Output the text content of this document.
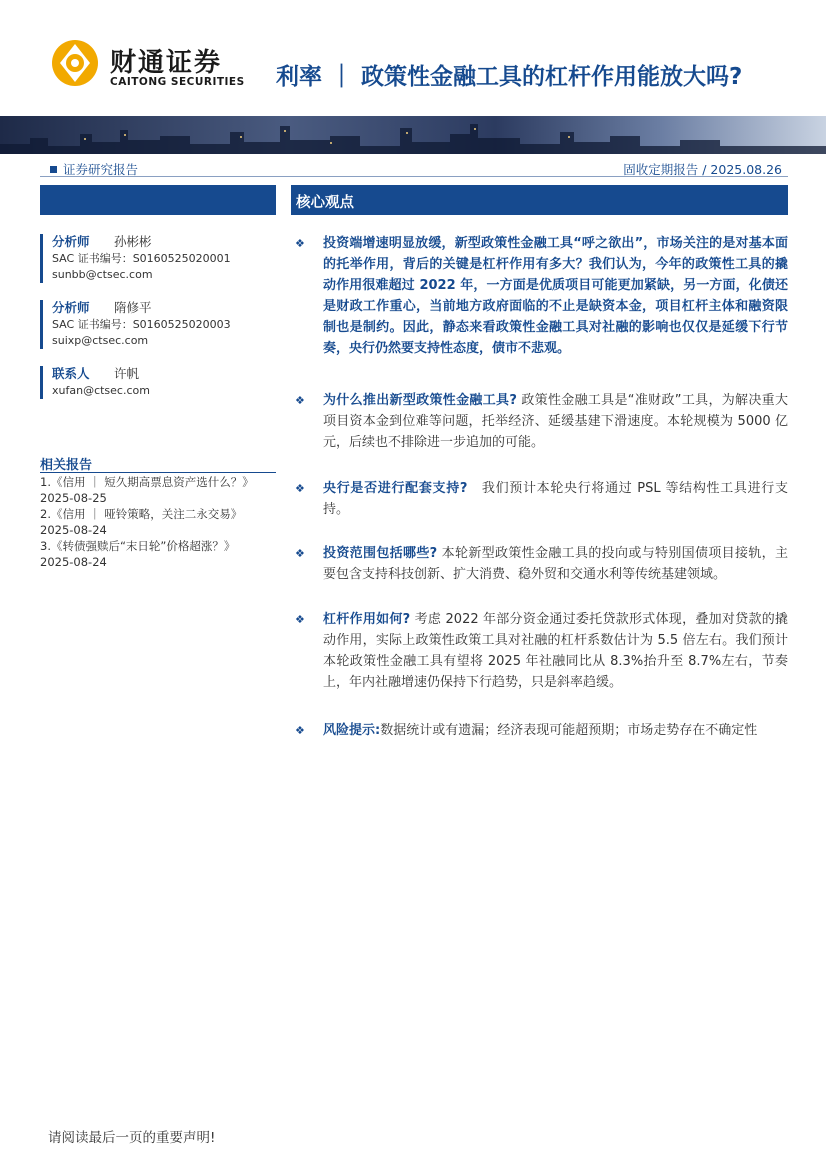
财通证券
CAITONG SECURITIES 利率 ｜ 政策性金融工具的杠杆作用能放大吗?
证券研究报告	固收定期报告 / 2025.08.26
核心观点
分析师 孙彬彬
SAC 证书编号：S0160525020001
sunbb@ctsec.com
分析师 隋修平
SAC 证书编号：S0160525020003
suixp@ctsec.com
联系人 许帆
xufan@ctsec.com
相关报告
1.《信用 ｜ 短久期高票息资产选什么？》
2025-08-25
2.《信用 ｜ 哑铃策略，关注二永交易》
2025-08-24
3.《转债强赎后“末日轮”价格超涨？》
2025-08-24
❖	投资端增速明显放缓，新型政策性金融工具“呼之欲出”，市场关注的是对基本面的托举作用，背后的关键是杠杆作用有多大？我们认为，今年的政策性工具的撬动作用很难超过 2022 年，一方面是优质项目可能更加紧缺，另一方面，化债还是财政工作重心，当前地方政府面临的不止是缺资本金，项目杠杆主体和融资限制也是制约。因此，静态来看政策性金融工具对社融的影响也仅仅是延缓下行节奏，央行仍然要支持性态度，债市不悲观。
❖	为什么推出新型政策性金融工具? 政策性金融工具是“准财政”工具，为解决重大项目资本金到位难等问题，托举经济、延缓基建下滑速度。本轮规模为 5000 亿元，后续也不排除进一步追加的可能。
❖	央行是否进行配套支持? 我们预计本轮央行将通过 PSL 等结构性工具进行支持。
❖	投资范围包括哪些? 本轮新型政策性金融工具的投向或与特别国债项目接轨，主要包含支持科技创新、扩大消费、稳外贸和交通水利等传统基建领域。
❖	杠杆作用如何? 考虑 2022 年部分资金通过委托贷款形式体现，叠加对贷款的撬动作用，实际上政策性政策工具对社融的杠杆系数估计为 5.5 倍左右。我们预计本轮政策性金融工具有望将 2025 年社融同比从 8.3%抬升至 8.7%左右，节奏上，年内社融增速仍保持下行趋势，只是斜率趋缓。
❖	风险提示:数据统计或有遗漏；经济表现可能超预期；市场走势存在不确定性
请阅读最后一页的重要声明!
